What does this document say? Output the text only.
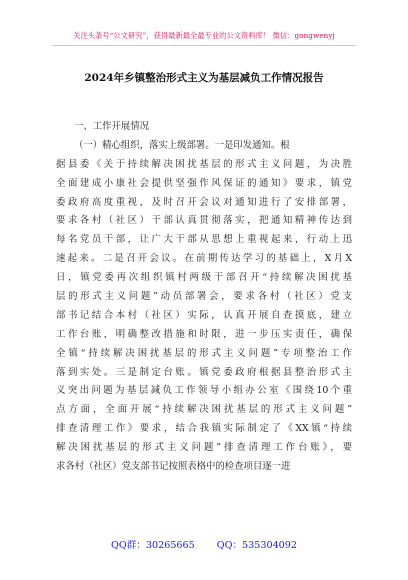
关注头条号“公文研究”，获得最新最全最专业的公文资料库！ 微信：gongwenyj
2024年乡镇整治形式主义为基层减负工作情况报告
一、工作开展情况
（一）精心组织，落实上级部署。一是印发通知。根
据县委《关于持续解决困扰基层的形式主义问题，为决胜
全面建成小康社会提供坚强作风保证的通知》要求，镇党
委政府高度重视，及时召开会议对通知进行了安排部署，
要求各村（社区）干部认真贯彻落实，把通知精神传达到
每名党员干部，让广大干部从思想上重视起来，行动上迅
速起来。二是召开会议。在前期传达学习的基础上，X月X
日，镇党委再次组织镇村两级干部召开“持续解决困扰基
层的形式主义问题”动员部署会，要求各村（社区）党支
部书记结合本村（社区）实际，认真开展自查摸底，建立
工作台账，明确整改措施和时限，进一步压实责任，确保
全镇“持续解决困扰基层的形式主义问题”专项整治工作
落到实处。三是制定台账。镇党委政府根据县整治形式主
义突出问题为基层减负工作领导小组办公室《围绕10个重
点方面，全面开展“持续解决困扰基层的形式主义问题”
排查清理工作》要求，结合我镇实际制定了《XX镇“持续
解决困扰基层的形式主义问题”排查清理工作台账》，要
求各村（社区）党支部书记按照表格中的检查项目逐一进
QQ群：30265665 QQ：535304092
